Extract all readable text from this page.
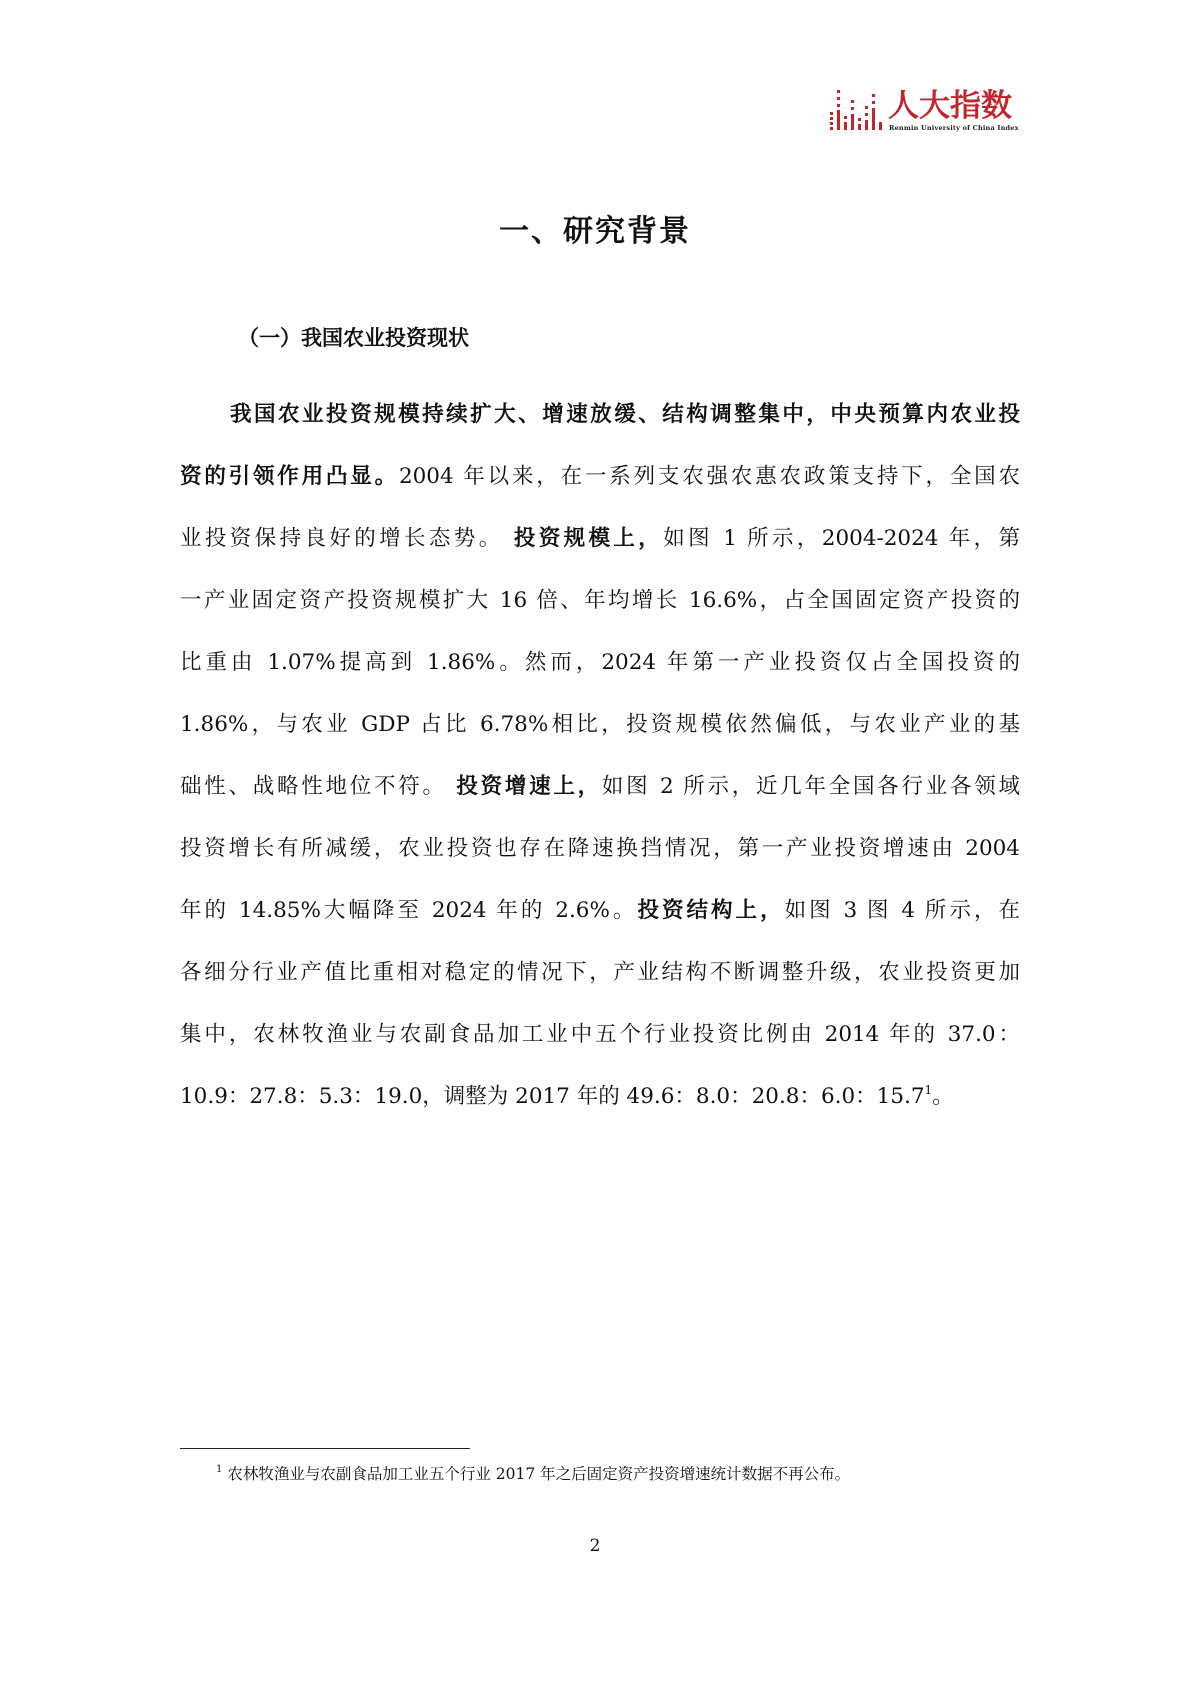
人大指数
Renmin University of China Index
一、研究背景
（一）我国农业投资现状
我国农业投资规模持续扩大、增速放缓、结构调整集中，中央预算内农业投
资的引领作用凸显。2004 年以来，在一系列支农强农惠农政策支持下，全国农
业投资保持良好的增长态势。 投资规模上，如图 1 所示，2004-2024 年，第
一产业固定资产投资规模扩大 16 倍、年均增长 16.6%，占全国固定资产投资的
比重由 1.07%提高到 1.86%。然而，2024 年第一产业投资仅占全国投资的
1.86%，与农业 GDP 占比 6.78%相比，投资规模依然偏低，与农业产业的基
础性、战略性地位不符。 投资增速上，如图 2 所示，近几年全国各行业各领域
投资增长有所减缓，农业投资也存在降速换挡情况，第一产业投资增速由 2004
年的 14.85%大幅降至 2024 年的 2.6%。投资结构上，如图 3 图 4 所示，在
各细分行业产值比重相对稳定的情况下，产业结构不断调整升级，农业投资更加
集中，农林牧渔业与农副食品加工业中五个行业投资比例由 2014 年的 37.0：
10.9：27.8：5.3：19.0，调整为 2017 年的 49.6：8.0：20.8：6.0：15.7$^1$。
$^1$ 农林牧渔业与农副食品加工业五个行业 2017 年之后固定资产投资增速统计数据不再公布。
2
